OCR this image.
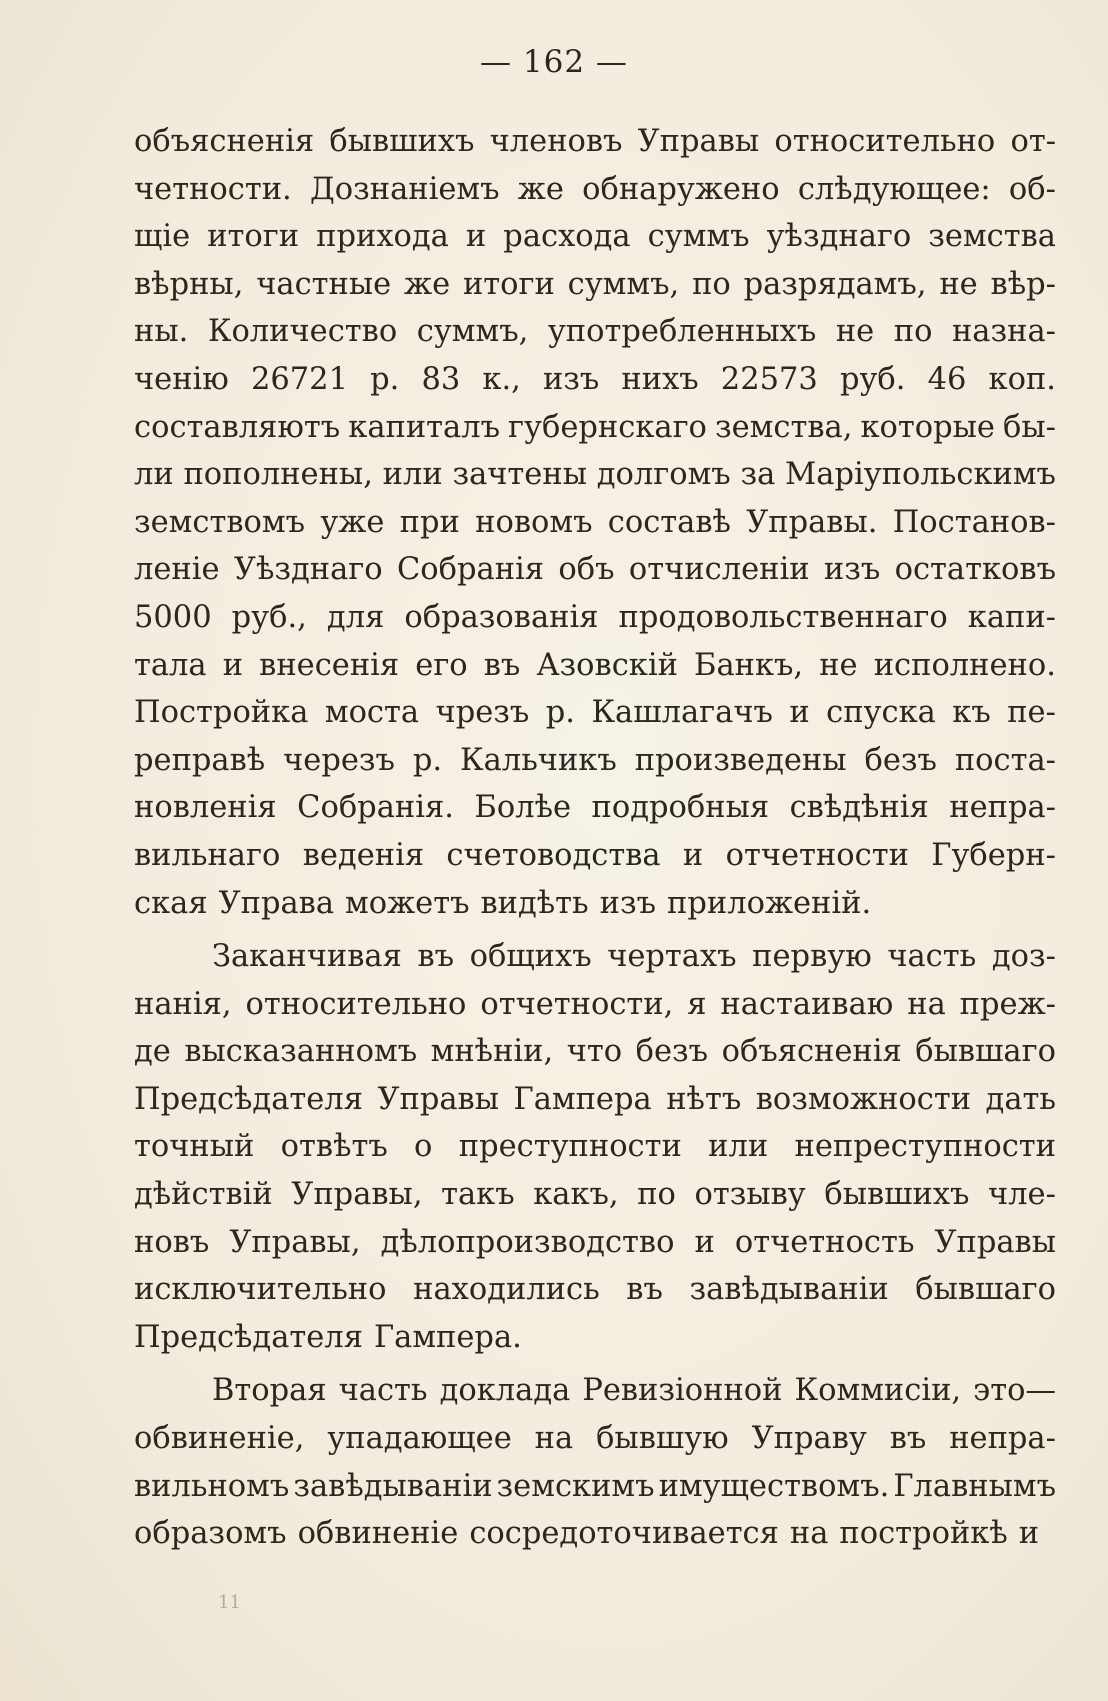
— 162 —
объясненія бывшихъ членовъ Управы относительно от-
четности. Дознаніемъ же обнаружено слѣдующее: об-
щіе итоги прихода и расхода суммъ уѣзднаго земства
вѣрны, частные же итоги суммъ, по разрядамъ, не вѣр-
ны. Количество суммъ, употребленныхъ не по назна-
ченію 26721 р. 83 к., изъ нихъ 22573 руб. 46 коп.
составляютъ капиталъ губернскаго земства, которые бы-
ли пополнены, или зачтены долгомъ за Маріупольскимъ
земствомъ уже при новомъ составѣ Управы. Постанов-
леніе Уѣзднаго Собранія объ отчисленіи изъ остатковъ
5000 руб., для образованія продовольственнаго капи-
тала и внесенія его въ Азовскій Банкъ, не исполнено.
Постройка моста чрезъ р. Кашлагачъ и спуска къ пе-
реправѣ черезъ р. Кальчикъ произведены безъ поста-
новленія Собранія. Болѣе подробныя свѣдѣнія непра-
вильнаго веденія счетоводства и отчетности Губерн-
ская Управа можетъ видѣть изъ приложеній.
Заканчивая въ общихъ чертахъ первую часть доз-
нанія, относительно отчетности, я настаиваю на преж-
де высказанномъ мнѣніи, что безъ объясненія бывшаго
Предсѣдателя Управы Гампера нѣтъ возможности дать
точный отвѣтъ о преступности или непреступности
дѣйствій Управы, такъ какъ, по отзыву бывшихъ чле-
новъ Управы, дѣлопроизводство и отчетность Управы
исключительно находились въ завѣдываніи бывшаго
Предсѣдателя Гампера.
Вторая часть доклада Ревизіонной Коммисіи, это—
обвиненіе, упадающее на бывшую Управу въ непра-
вильномъ завѣдываніи земскимъ имуществомъ. Главнымъ
образомъ обвиненіе сосредоточивается на постройкѣ и
11
